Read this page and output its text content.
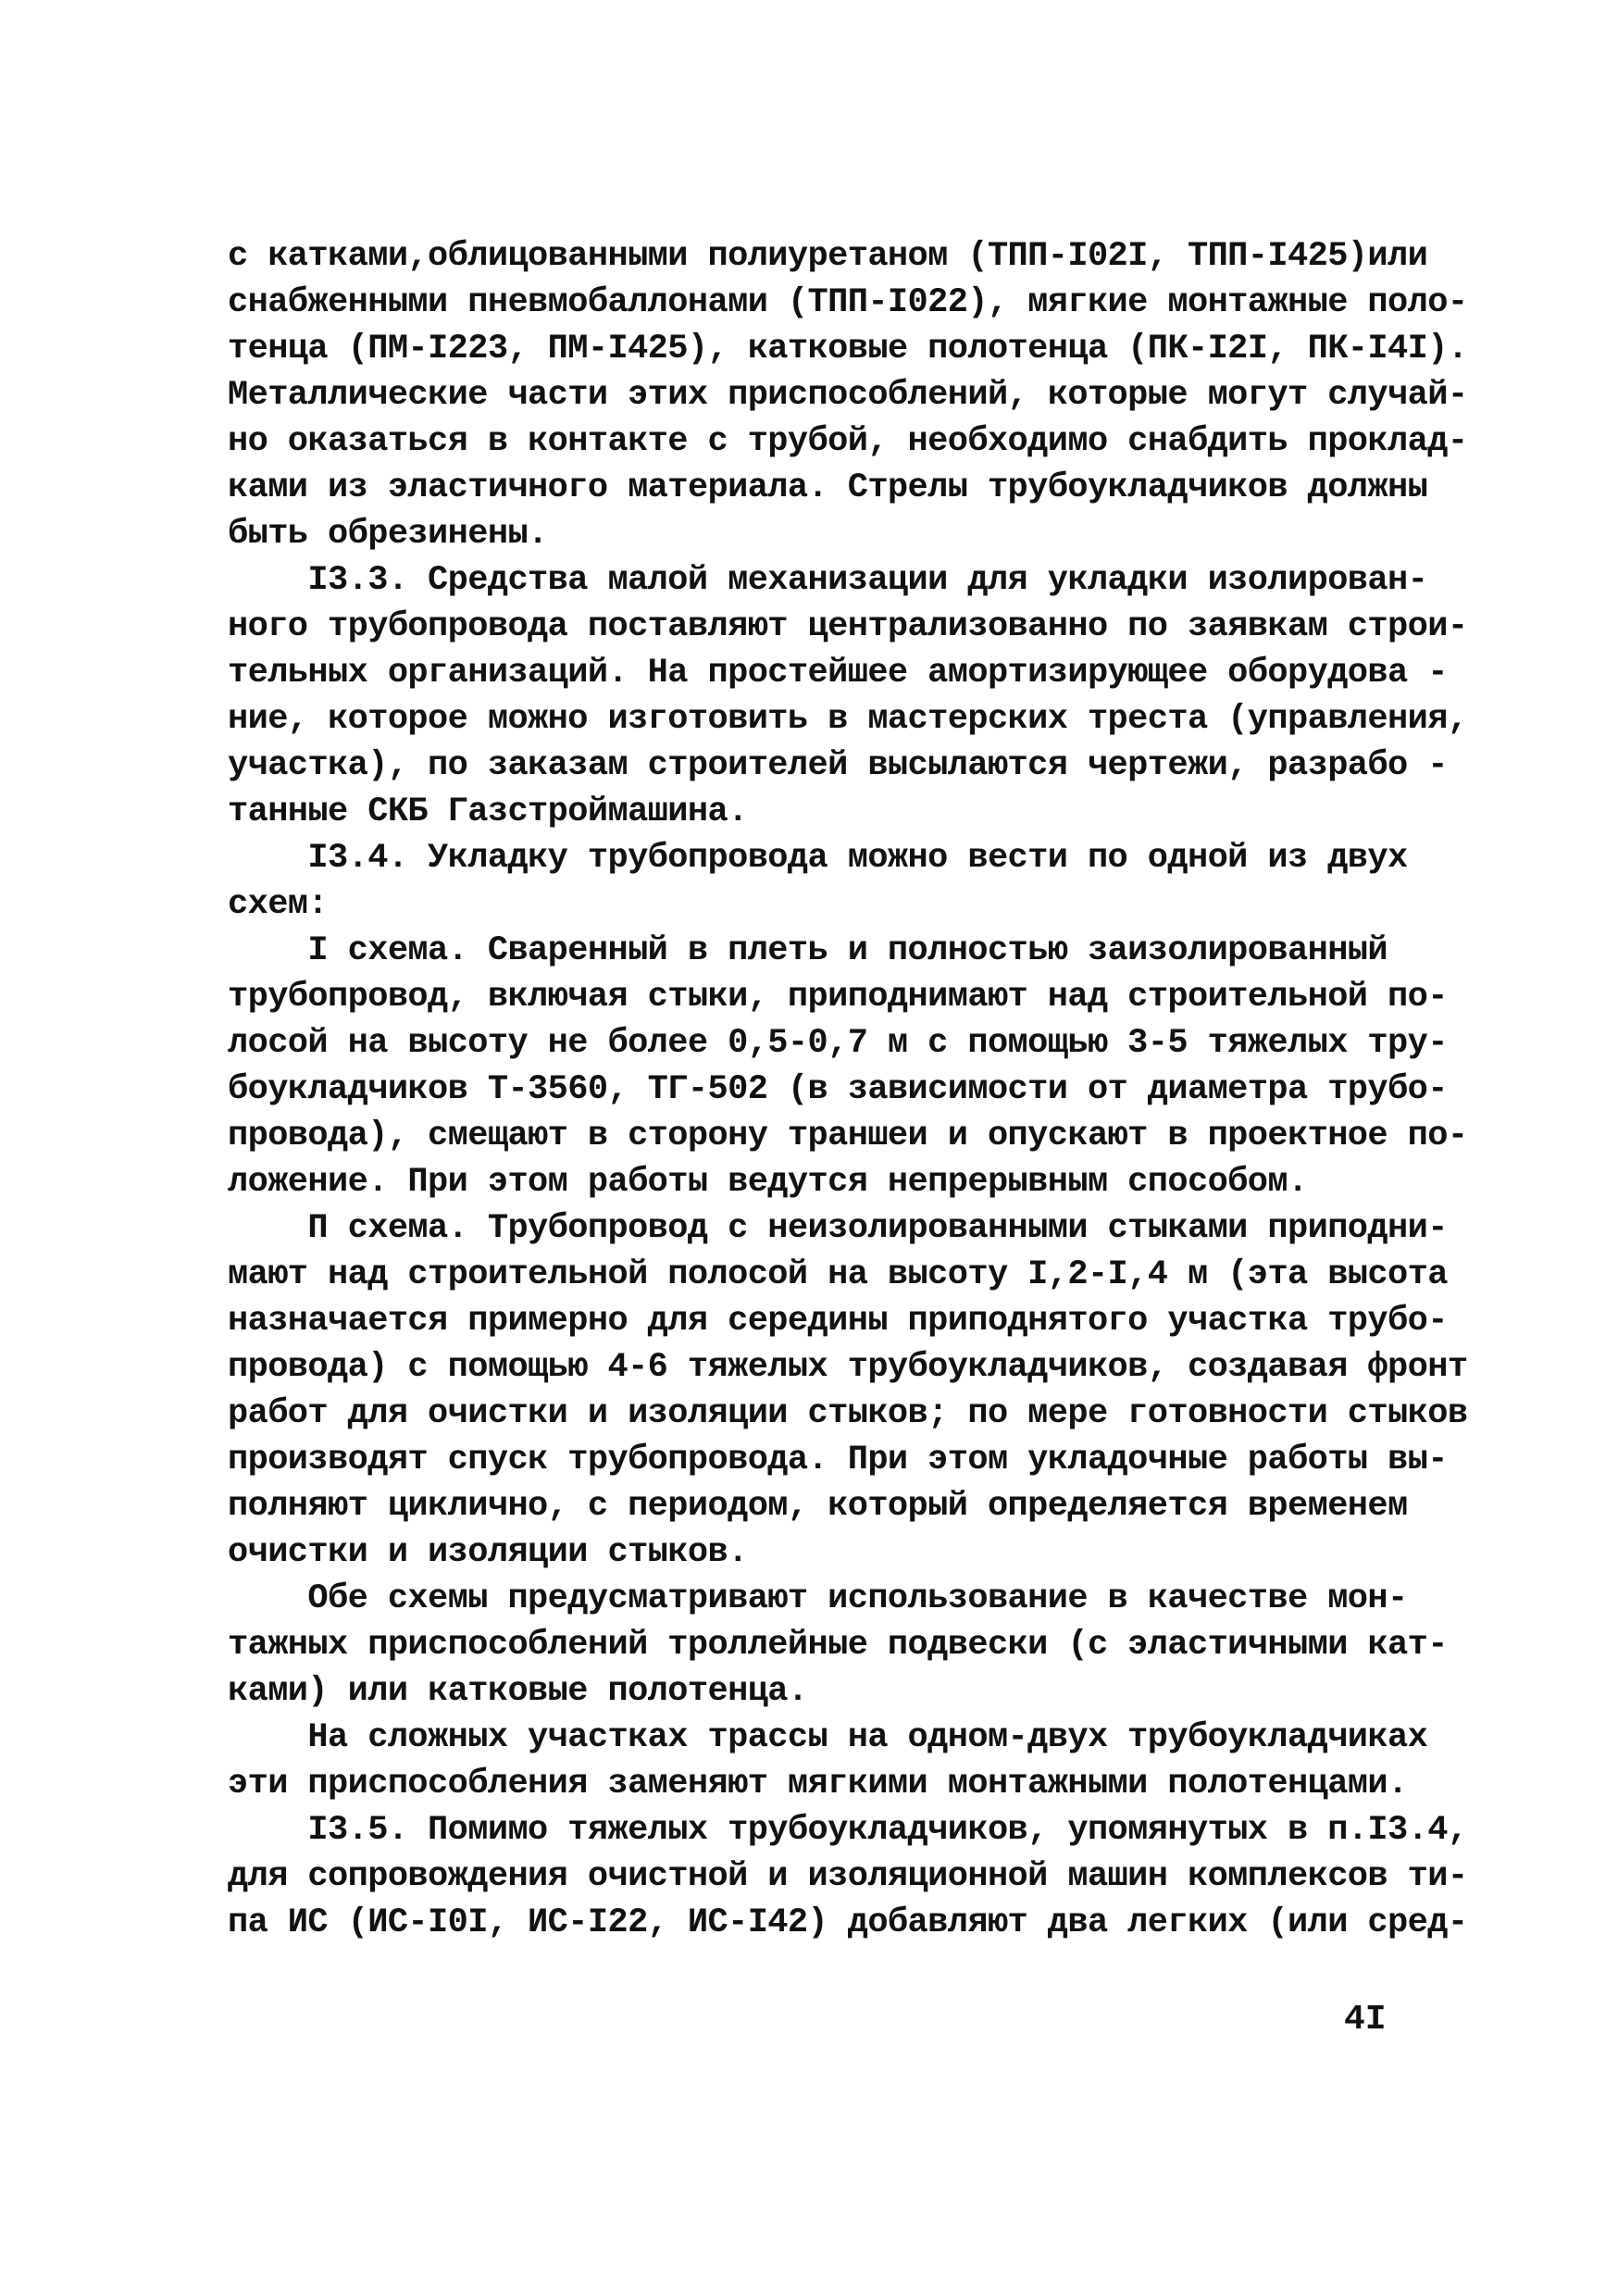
с катками,облицованными полиуретаном (ТПП-I02I, ТПП-I425)или
снабженными пневмобаллонами (ТПП-I022), мягкие монтажные поло-
тенца (ПМ-I223, ПМ-I425), катковые полотенца (ПК-I2I, ПК-I4I).
Металлические части этих приспособлений, которые могут случай-
но оказаться в контакте с трубой, необходимо снабдить проклад-
ками из эластичного материала. Стрелы трубоукладчиков должны
быть обрезинены.
I3.3. Средства малой механизации для укладки изолирован-
ного трубопровода поставляют централизованно по заявкам строи-
тельных организаций. На простейшее амортизирующее оборудова -
ние, которое можно изготовить в мастерских треста (управления,
участка), по заказам строителей высылаются чертежи, разрабо -
танные СКБ Газстроймашина.
I3.4. Укладку трубопровода можно вести по одной из двух
схем:
I схема. Сваренный в плеть и полностью заизолированный
трубопровод, включая стыки, приподнимают над строительной по-
лосой на высоту не более 0,5-0,7 м с помощью 3-5 тяжелых тру-
боукладчиков Т-3560, ТГ-502 (в зависимости от диаметра трубо-
провода), смещают в сторону траншеи и опускают в проектное по-
ложение. При этом работы ведутся непрерывным способом.
П схема. Трубопровод с неизолированными стыками приподни-
мают над строительной полосой на высоту I,2-I,4 м (эта высота
назначается примерно для середины приподнятого участка трубо-
провода) с помощью 4-6 тяжелых трубоукладчиков, создавая фронт
работ для очистки и изоляции стыков; по мере готовности стыков
производят спуск трубопровода. При этом укладочные работы вы-
полняют циклично, с периодом, который определяется временем
очистки и изоляции стыков.
Обе схемы предусматривают использование в качестве мон-
тажных приспособлений троллейные подвески (с эластичными кат-
ками) или катковые полотенца.
На сложных участках трассы на одном-двух трубоукладчиках
эти приспособления заменяют мягкими монтажными полотенцами.
I3.5. Помимо тяжелых трубоукладчиков, упомянутых в п.I3.4,
для сопровождения очистной и изоляционной машин комплексов ти-
па ИС (ИС-I0I, ИС-I22, ИС-I42) добавляют два легких (или сред-
4I
